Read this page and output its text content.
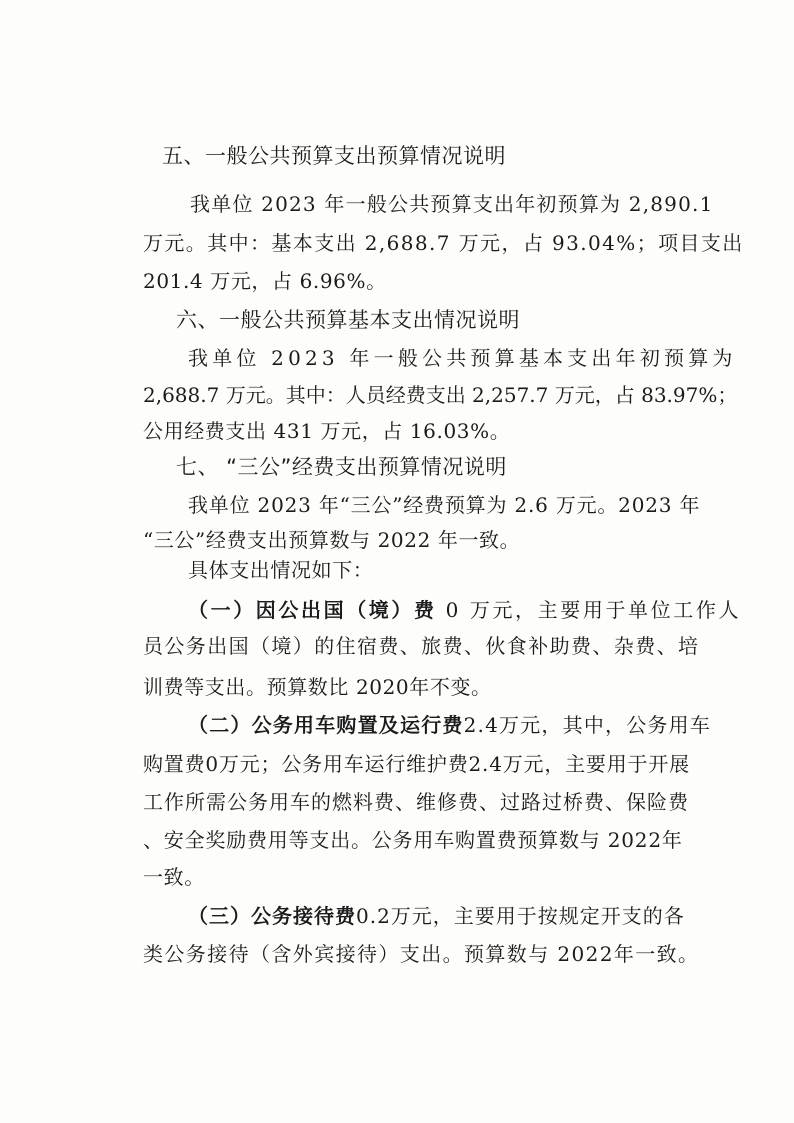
五、一般公共预算支出预算情况说明
我单位 2023 年一般公共预算支出年初预算为 2,890.1
万元。其中：基本支出 2,688.7 万元，占 93.04%；项目支出
201.4 万元，占 6.96%。
六、一般公共预算基本支出情况说明
我单位 2023 年一般公共预算基本支出年初预算为
2,688.7 万元。其中：人员经费支出 2,257.7 万元，占 83.97%；
公用经费支出 431 万元，占 16.03%。
七、 “三公”经费支出预算情况说明
我单位 2023 年“三公”经费预算为 2.6 万元。2023 年
“三公”经费支出预算数与 2022 年一致。
具体支出情况如下：
（一）因公出国（境）费 0 万元，主要用于单位工作人
员公务出国（境）的住宿费、旅费、伙食补助费、杂费、培
训费等支出。预算数比 2020年不变。
（二）公务用车购置及运行费2.4万元，其中，公务用车
购置费0万元；公务用车运行维护费2.4万元，主要用于开展
工作所需公务用车的燃料费、维修费、过路过桥费、保险费
、安全奖励费用等支出。公务用车购置费预算数与 2022年
一致。
（三）公务接待费0.2万元，主要用于按规定开支的各
类公务接待（含外宾接待）支出。预算数与 2022年一致。
